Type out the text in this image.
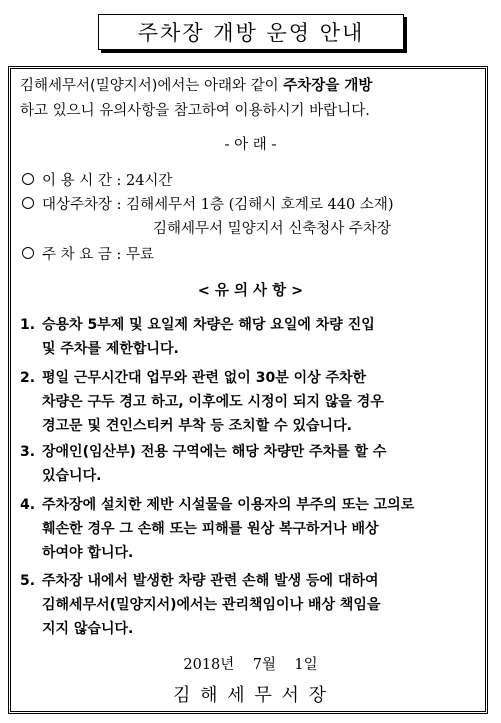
주차장 개방 운영 안내
김해세무서(밀양지서)에서는 아래와 같이 주차장을 개방
하고 있으니 유의사항을 참고하여 이용하시기 바랍니다.
- 아 래 -
이 용 시 간 : 24시간
대상주차장 : 김해세무서 1층 (김해시 호계로 440 소재)
김해세무서 밀양지서 신축청사 주차장
주 차 요 금 : 무료
< 유 의 사 항 >
1. 승용차 5부제 및 요일제 차량은 해당 요일에 차량 진입
및 주차를 제한합니다.
2. 평일 근무시간대 업무와 관련 없이 30분 이상 주차한
차량은 구두 경고 하고, 이후에도 시정이 되지 않을 경우
경고문 및 견인스티커 부착 등 조치할 수 있습니다.
3. 장애인(임산부) 전용 구역에는 해당 차량만 주차를 할 수
있습니다.
4. 주차장에 설치한 제반 시설물을 이용자의 부주의 또는 고의로
훼손한 경우 그 손해 또는 피해를 원상 복구하거나 배상
하여야 합니다.
5. 주차장 내에서 발생한 차량 관련 손해 발생 등에 대하여
김해세무서(밀양지서)에서는 관리책임이나 배상 책임을
지지 않습니다.
2018년    7월    1일
김 해 세 무 서 장
